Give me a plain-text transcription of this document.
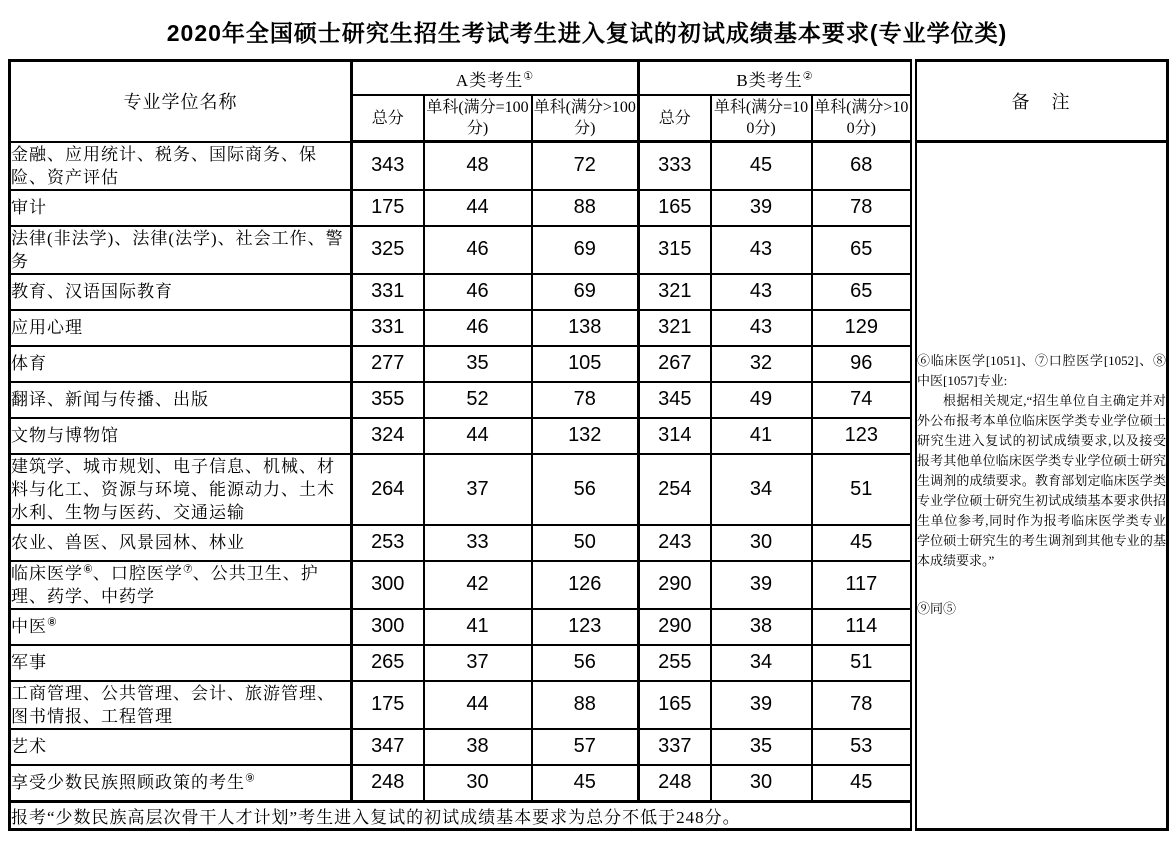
2020年全国硕士研究生招生考试考生进入复试的初试成绩基本要求(专业学位类)
专业学位名称	A类考生①			B类考生②			备　注
	总分	单科(满分=100分)	单科(满分>100分)	总分	单科(满分=100分)	单科(满分>100分)	
金融、应用统计、税务、国际商务、保险、资产评估	343	48	72	333	45	68	⑥临床医学[1051]、⑦口腔医学[1052]、⑧中医[1057]专业:

根据相关规定,“招生单位自主确定并对外公布报考本单位临床医学类专业学位硕士研究生进入复试的初试成绩要求,以及接受报考其他单位临床医学类专业学位硕士研究生调剂的成绩要求。教育部划定临床医学类专业学位硕士研究生初试成绩基本要求供招生单位参考,同时作为报考临床医学类专业学位硕士研究生的考生调剂到其他专业的基本成绩要求。”

⑨同⑤

审计	175	44	88	165	39	78	
法律(非法学)、法律(法学)、社会工作、警务	325	46	69	315	43	65	
教育、汉语国际教育	331	46	69	321	43	65	
应用心理	331	46	138	321	43	129	
体育	277	35	105	267	32	96	
翻译、新闻与传播、出版	355	52	78	345	49	74	
文物与博物馆	324	44	132	314	41	123	
建筑学、城市规划、电子信息、机械、材料与化工、资源与环境、能源动力、土木水利、生物与医药、交通运输	264	37	56	254	34	51	
农业、兽医、风景园林、林业	253	33	50	243	30	45	
临床医学⑥、口腔医学⑦、公共卫生、护理、药学、中药学	300	42	126	290	39	117	
中医⑧	300	41	123	290	38	114	
军事	265	37	56	255	34	51	
工商管理、公共管理、会计、旅游管理、图书情报、工程管理	175	44	88	165	39	78	
艺术	347	38	57	337	35	53	
享受少数民族照顾政策的考生⑨	248	30	45	248	30	45	
报考“少数民族高层次骨干人才计划”考生进入复试的初试成绩基本要求为总分不低于248分。							
